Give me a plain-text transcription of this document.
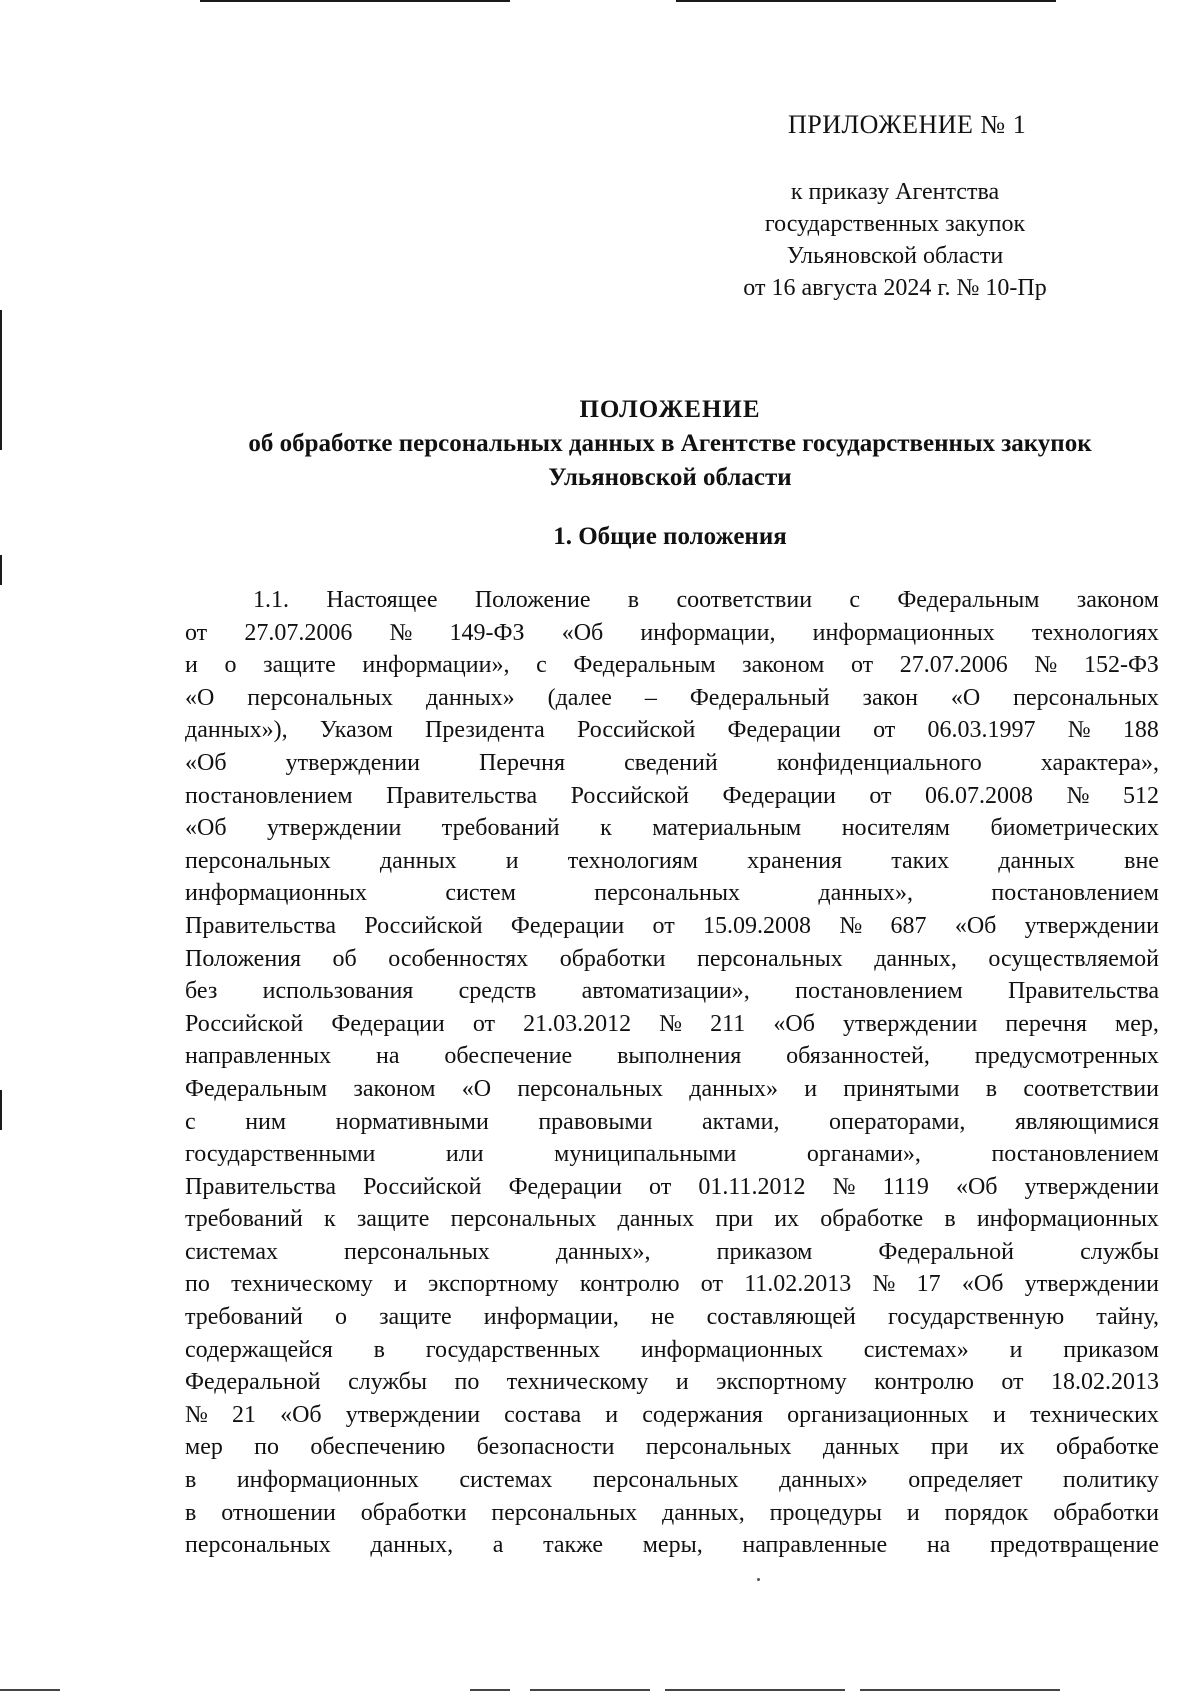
ПРИЛОЖЕНИЕ № 1
к приказу Агентства
государственных закупок
Ульяновской области
от 16 августа 2024 г. № 10-Пр
ПОЛОЖЕНИЕ
об обработке персональных данных в Агентстве государственных закупок
Ульяновской области
1. Общие положения
1.1. Настоящее Положение в соответствии с Федеральным законом
от 27.07.2006 № 149-ФЗ «Об информации, информационных технологиях
и о защите информации», с Федеральным законом от 27.07.2006 № 152-ФЗ
«О персональных данных» (далее – Федеральный закон «О персональных
данных»), Указом Президента Российской Федерации от 06.03.1997 № 188
«Об утверждении Перечня сведений конфиденциального характера»,
постановлением Правительства Российской Федерации от 06.07.2008 № 512
«Об утверждении требований к материальным носителям биометрических
персональных данных и технологиям хранения таких данных вне
информационных	систем	персональных	данных»,	постановлением
Правительства Российской Федерации от 15.09.2008 № 687 «Об утверждении
Положения об особенностях обработки персональных данных, осуществляемой
без использования средств автоматизации», постановлением Правительства
Российской Федерации от 21.03.2012 № 211 «Об утверждении перечня мер,
направленных на обеспечение выполнения обязанностей, предусмотренных
Федеральным законом «О персональных данных» и принятыми в соответствии
с ним нормативными правовыми актами, операторами, являющимися
государственными	или	муниципальными	органами»,	постановлением
Правительства Российской Федерации от 01.11.2012 № 1119 «Об утверждении
требований к защите персональных данных при их обработке в информационных
системах	персональных	данных»,	приказом	Федеральной	службы
по техническому и экспортному контролю от 11.02.2013 № 17 «Об утверждении
требований о защите информации, не составляющей государственную тайну,
содержащейся в государственных информационных системах» и приказом
Федеральной службы по техническому и экспортному контролю от 18.02.2013
№ 21 «Об утверждении состава и содержания организационных и технических
мер по обеспечению безопасности персональных данных при их обработке
в информационных системах персональных данных» определяет политику
в отношении обработки персональных данных, процедуры и порядок обработки
персональных данных, а также меры, направленные на предотвращение
